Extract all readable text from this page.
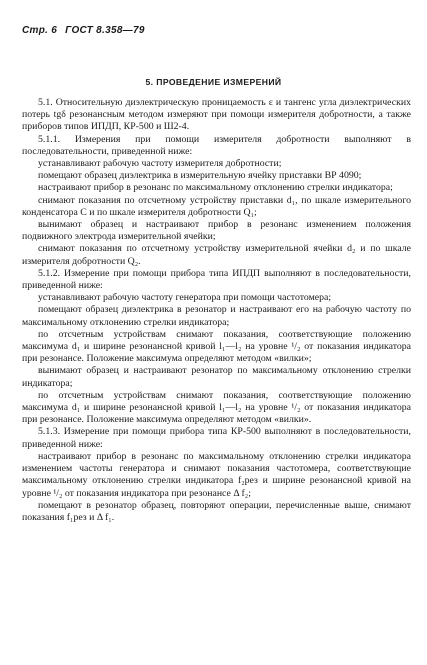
Стр. 6 ГОСТ 8.358—79
5. ПРОВЕДЕНИЕ ИЗМЕРЕНИЙ

5.1. Относительную диэлектрическую проницаемость ε и тангенс угла диэлектрических потерь tgδ резонансным методом измеряют при помощи измерителя добротности, а также приборов типов ИПДП, КР-500 и Ш2-4.

5.1.1. Измерения при помощи измерителя добротности выполняют в последовательности, приведенной ниже:

устанавливают рабочую частоту измерителя добротности;

помещают образец диэлектрика в измерительную ячейку приставки ВР 4090;

настраивают прибор в резонанс по максимальному отклонению стрелки индикатора;

снимают показания по отсчетному устройству приставки d₁, по шкале измерительного конденсатора C и по шкале измерителя добротности Q₁;

вынимают образец и настраивают прибор в резонанс изменением положения подвижного электрода измерительной ячейки;

снимают показания по отсчетному устройству измерительной ячейки d₂ и по шкале измерителя добротности Q₂.

5.1.2. Измерение при помощи прибора типа ИПДП выполняют в последовательности, приведенной ниже:

устанавливают рабочую частоту генератора при помощи частотомера;

помещают образец диэлектрика в резонатор и настраивают его на рабочую частоту по максимальному отклонению стрелки индикатора;

по отсчетным устройствам снимают показания, соответствующие положению максимума d₁ и ширине резонансной кривой l₁—l₂ на уровне ¹/₂ от показания индикатора при резонансе. Положение максимума определяют методом «вилки»;

вынимают образец и настраивают резонатор по максимальному отклонению стрелки индикатора;

по отсчетным устройствам снимают показания, соответствующие положению максимума d₁ и ширине резонансной кривой l₁—l₂ на уровне ¹/₂ от показания индикатора при резонансе. Положение максимума определяют методом «вилки».

5.1.3. Измерение при помощи прибора типа КР-500 выполняют в последовательности, приведенной ниже:

настраивают прибор в резонанс по максимальному отклонению стрелки индикатора изменением частоты генератора и снимают показания частотомера, соответствующие максимальному отклонению стрелки индикатора f₂рез и ширине резонансной кривой на уровне ¹/₂ от показания индикатора при резонансе Δ f₂;

помещают в резонатор образец, повторяют операции, перечисленные выше, снимают показания f₁рез и Δ f₁.
